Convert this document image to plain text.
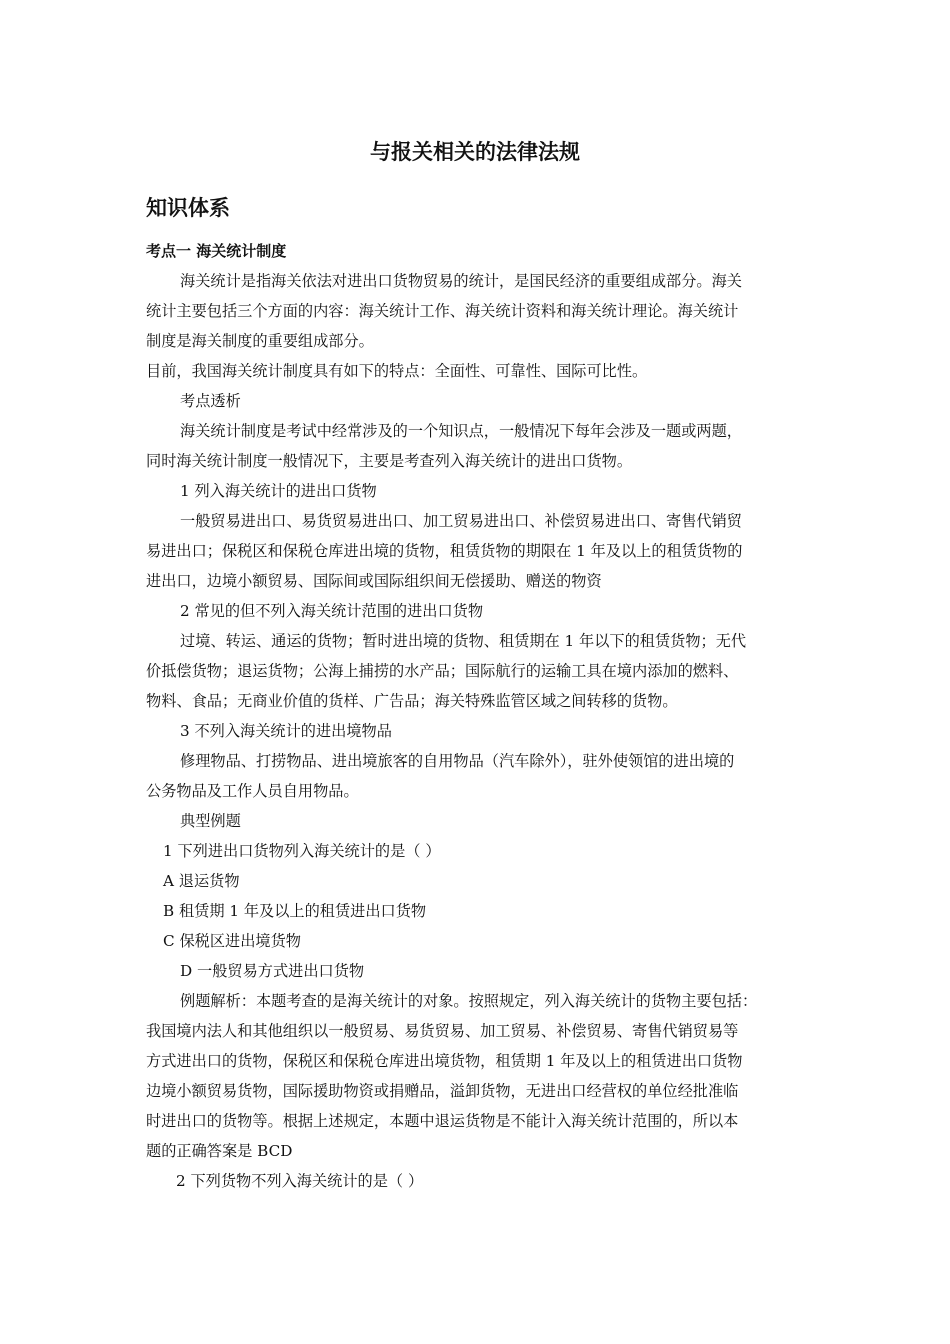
与报关相关的法律法规
知识体系
考点一 海关统计制度
海关统计是指海关依法对进出口货物贸易的统计，是国民经济的重要组成部分。海关
统计主要包括三个方面的内容：海关统计工作、海关统计资料和海关统计理论。海关统计
制度是海关制度的重要组成部分。
目前，我国海关统计制度具有如下的特点：全面性、可靠性、国际可比性。
考点透析
海关统计制度是考试中经常涉及的一个知识点，一般情况下每年会涉及一题或两题，
同时海关统计制度一般情况下，主要是考查列入海关统计的进出口货物。
1 列入海关统计的进出口货物
一般贸易进出口、易货贸易进出口、加工贸易进出口、补偿贸易进出口、寄售代销贸
易进出口；保税区和保税仓库进出境的货物，租赁货物的期限在 1 年及以上的租赁货物的
进出口，边境小额贸易、国际间或国际组织间无偿援助、赠送的物资
2 常见的但不列入海关统计范围的进出口货物
过境、转运、通运的货物；暂时进出境的货物、租赁期在 1 年以下的租赁货物；无代
价抵偿货物；退运货物；公海上捕捞的水产品；国际航行的运输工具在境内添加的燃料、
物料、食品；无商业价值的货样、广告品；海关特殊监管区域之间转移的货物。
3 不列入海关统计的进出境物品
修理物品、打捞物品、进出境旅客的自用物品（汽车除外），驻外使领馆的进出境的
公务物品及工作人员自用物品。
典型例题
1 下列进出口货物列入海关统计的是（ ）
A 退运货物
B 租赁期 1 年及以上的租赁进出口货物
C 保税区进出境货物
D 一般贸易方式进出口货物
例题解析：本题考查的是海关统计的对象。按照规定，列入海关统计的货物主要包括：
我国境内法人和其他组织以一般贸易、易货贸易、加工贸易、补偿贸易、寄售代销贸易等
方式进出口的货物，保税区和保税仓库进出境货物，租赁期 1 年及以上的租赁进出口货物
边境小额贸易货物，国际援助物资或捐赠品，溢卸货物，无进出口经营权的单位经批准临
时进出口的货物等。根据上述规定，本题中退运货物是不能计入海关统计范围的，所以本
题的正确答案是 BCD
2 下列货物不列入海关统计的是（ ）
